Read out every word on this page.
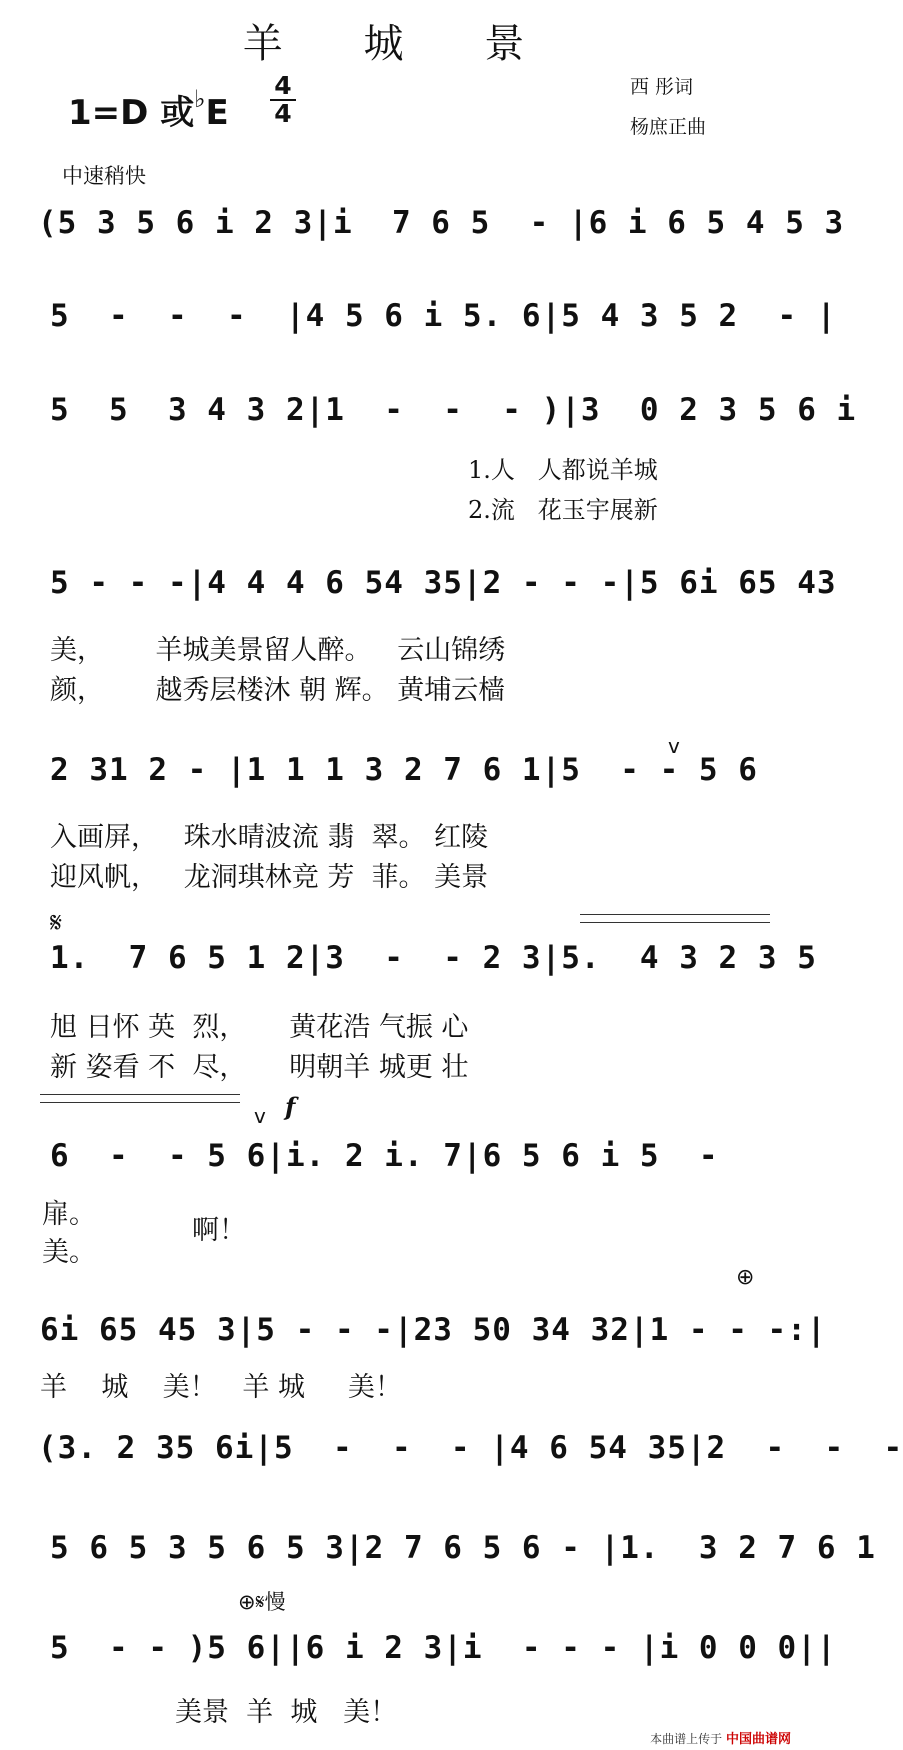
羊 城 景
1=D 或♭E
4
4
西 彤词
杨庶正曲
中速稍快
(5 3 5 6 i 2 3|i  7 6 5  - |6 i 6 5 4 5 3
5  -  -  -  |4 5 6 i 5. 6|5 4 3 5 2  - |
5  5  3 4 3 2|1  -  -  - )|3  0 2 3 5 6 i
1.人   人都说羊城
2.流   花玉宇展新
5 - - -|4 4 4 6 54 35|2 - - -|5 6i 65 43
美，      羊城美景留人醉。   云山锦绣
颜，      越秀层楼沐 朝 辉。 黄埔云樯
2 31 2 - |1 1 1 3 2 7 6 1|5  - - 5 6
v
入画屏，   珠水晴波流 翡  翠。 红陵
迎风帆，   龙洞琪林竞 芳  菲。 美景
𝄋
1.  7 6 5 1 2|3  -  - 2 3|5.  4 3 2 3 5
旭 日怀 英  烈，     黄花浩 气振 心
新 姿看 不  尽，     明朝羊 城更 壮
f
v
6  -  - 5 6|i. 2 i. 7|6 5 6 i 5  -
扉。
美。
啊！
⊕
6i 65 45 3|5 - - -|23 50 34 32|1 - - -:|
羊    城    美！   羊 城     美！
(3. 2 35 6i|5  -  -  - |4 6 54 35|2  -  -  -
5 6 5 3 5 6 5 3|2 7 6 5 6 - |1.  3 2 7 6 1
⊕𝄋慢
5  - - )5 6||6 i 2 3|i  - - - |i 0 0 0||
美景  羊  城   美！
本曲谱上传于 中国曲谱网
